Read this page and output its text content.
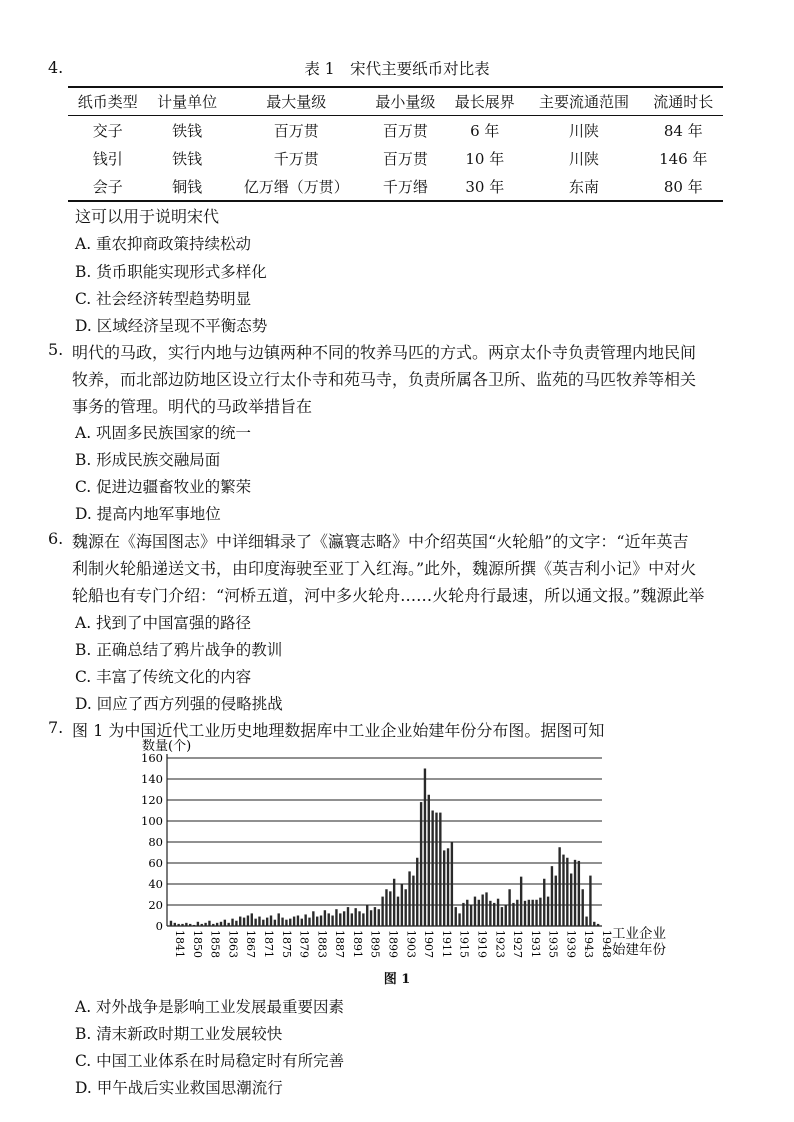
4.	表 1　宋代主要纸币对比表
纸币类型	计量单位	最大量级	最小量级	最长展界	主要流通范围	流通时长
交子	铁钱	百万贯	百万贯	6 年	川陕	84 年
钱引	铁钱	千万贯	百万贯	10 年	川陕	146 年
会子	铜钱	亿万缗（万贯）	千万缗	30 年	东南	80 年
这可以用于说明宋代
A. 重农抑商政策持续松动
B. 货币职能实现形式多样化
C. 社会经济转型趋势明显
D. 区域经济呈现不平衡态势
5. 明代的马政，实行内地与边镇两种不同的牧养马匹的方式。两京太仆寺负责管理内地民间
牧养，而北部边防地区设立行太仆寺和苑马寺，负责所属各卫所、监苑的马匹牧养等相关
事务的管理。明代的马政举措旨在
A. 巩固多民族国家的统一
B. 形成民族交融局面
C. 促进边疆畜牧业的繁荣
D. 提高内地军事地位
6. 魏源在《海国图志》中详细辑录了《瀛寰志略》中介绍英国“火轮船”的文字：“近年英吉
利制火轮船递送文书，由印度海驶至亚丁入红海。”此外，魏源所撰《英吉利小记》中对火
轮船也有专门介绍：“河桥五道，河中多火轮舟……火轮舟行最速，所以通文报。”魏源此举
A. 找到了中国富强的路径
B. 正确总结了鸦片战争的教训
C. 丰富了传统文化的内容
D. 回应了西方列强的侵略挑战
7. 图 1 为中国近代工业历史地理数据库中工业企业始建年份分布图。据图可知
数量(个)
0
20
40
60
80
100
120
140
160
1841 1850 1858 1863 1867 1871 1875 1879 1883 1887 1891 1895 1899 1903 1907 1911 1915 1919 1923 1927 1931 1935 1939 1943 1948 工业企业
始建年份
图 1
A. 对外战争是影响工业发展最重要因素
B. 清末新政时期工业发展较快
C. 中国工业体系在时局稳定时有所完善
D. 甲午战后实业救国思潮流行
